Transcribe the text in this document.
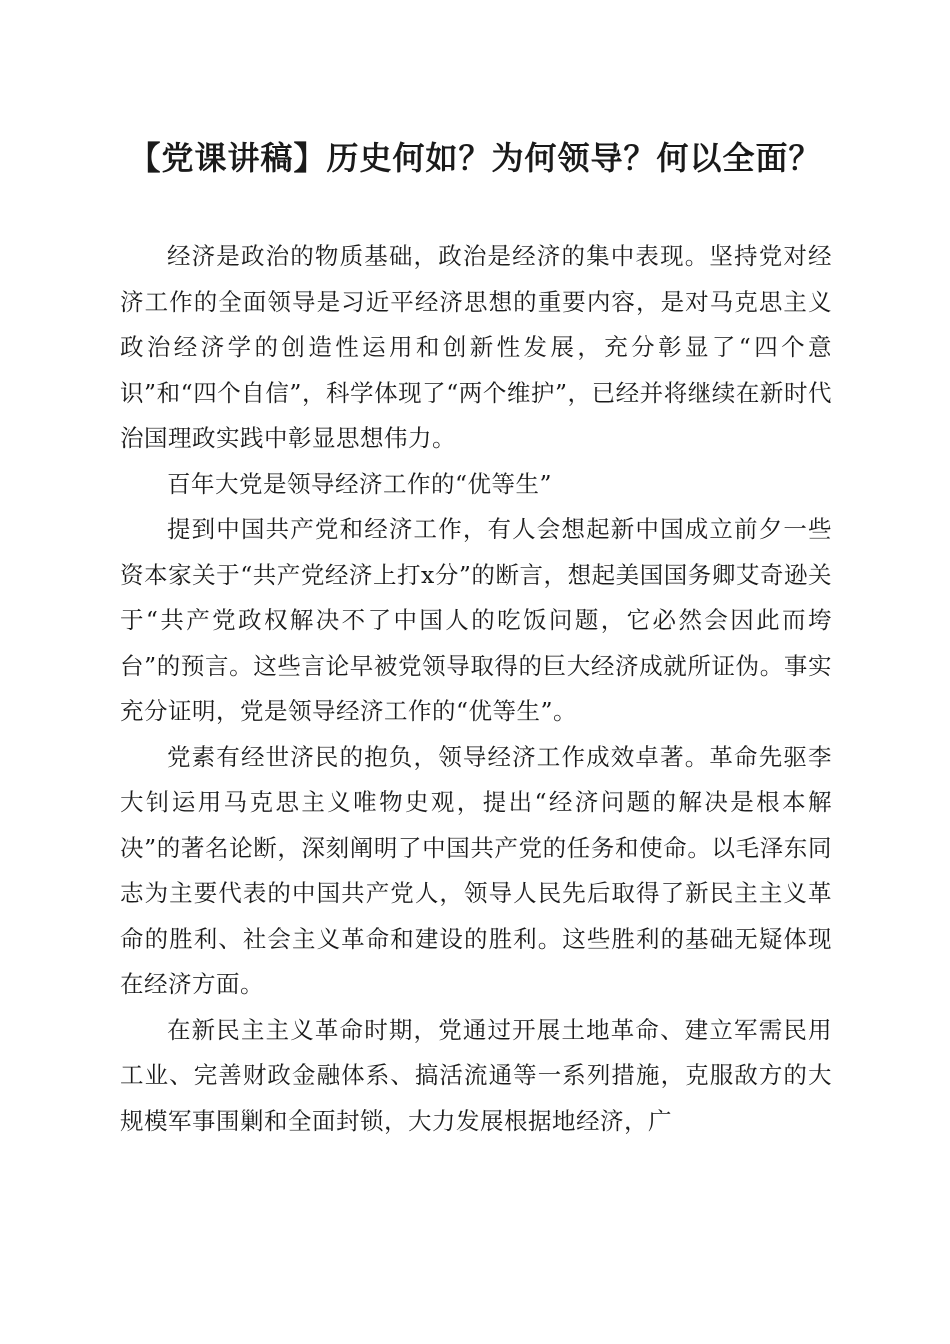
【党课讲稿】历史何如？为何领导？何以全面？

经济是政治的物质基础，政治是经济的集中表现。坚持党对经济工作的全面领导是习近平经济思想的重要内容，是对马克思主义政治经济学的创造性运用和创新性发展，充分彰显了“四个意识”和“四个自信”，科学体现了“两个维护”，已经并将继续在新时代治国理政实践中彰显思想伟力。

百年大党是领导经济工作的“优等生”

提到中国共产党和经济工作，有人会想起新中国成立前夕一些资本家关于“共产党经济上打x分”的断言，想起美国国务卿艾奇逊关于“共产党政权解决不了中国人的吃饭问题，它必然会因此而垮台”的预言。这些言论早被党领导取得的巨大经济成就所证伪。事实充分证明，党是领导经济工作的“优等生”。

党素有经世济民的抱负，领导经济工作成效卓著。革命先驱李大钊运用马克思主义唯物史观，提出“经济问题的解决是根本解决”的著名论断，深刻阐明了中国共产党的任务和使命。以毛泽东同志为主要代表的中国共产党人，领导人民先后取得了新民主主义革命的胜利、社会主义革命和建设的胜利。这些胜利的基础无疑体现在经济方面。

在新民主主义革命时期，党通过开展土地革命、建立军需民用工业、完善财政金融体系、搞活流通等一系列措施，克服敌方的大规模军事围剿和全面封锁，大力发展根据地经济，广
